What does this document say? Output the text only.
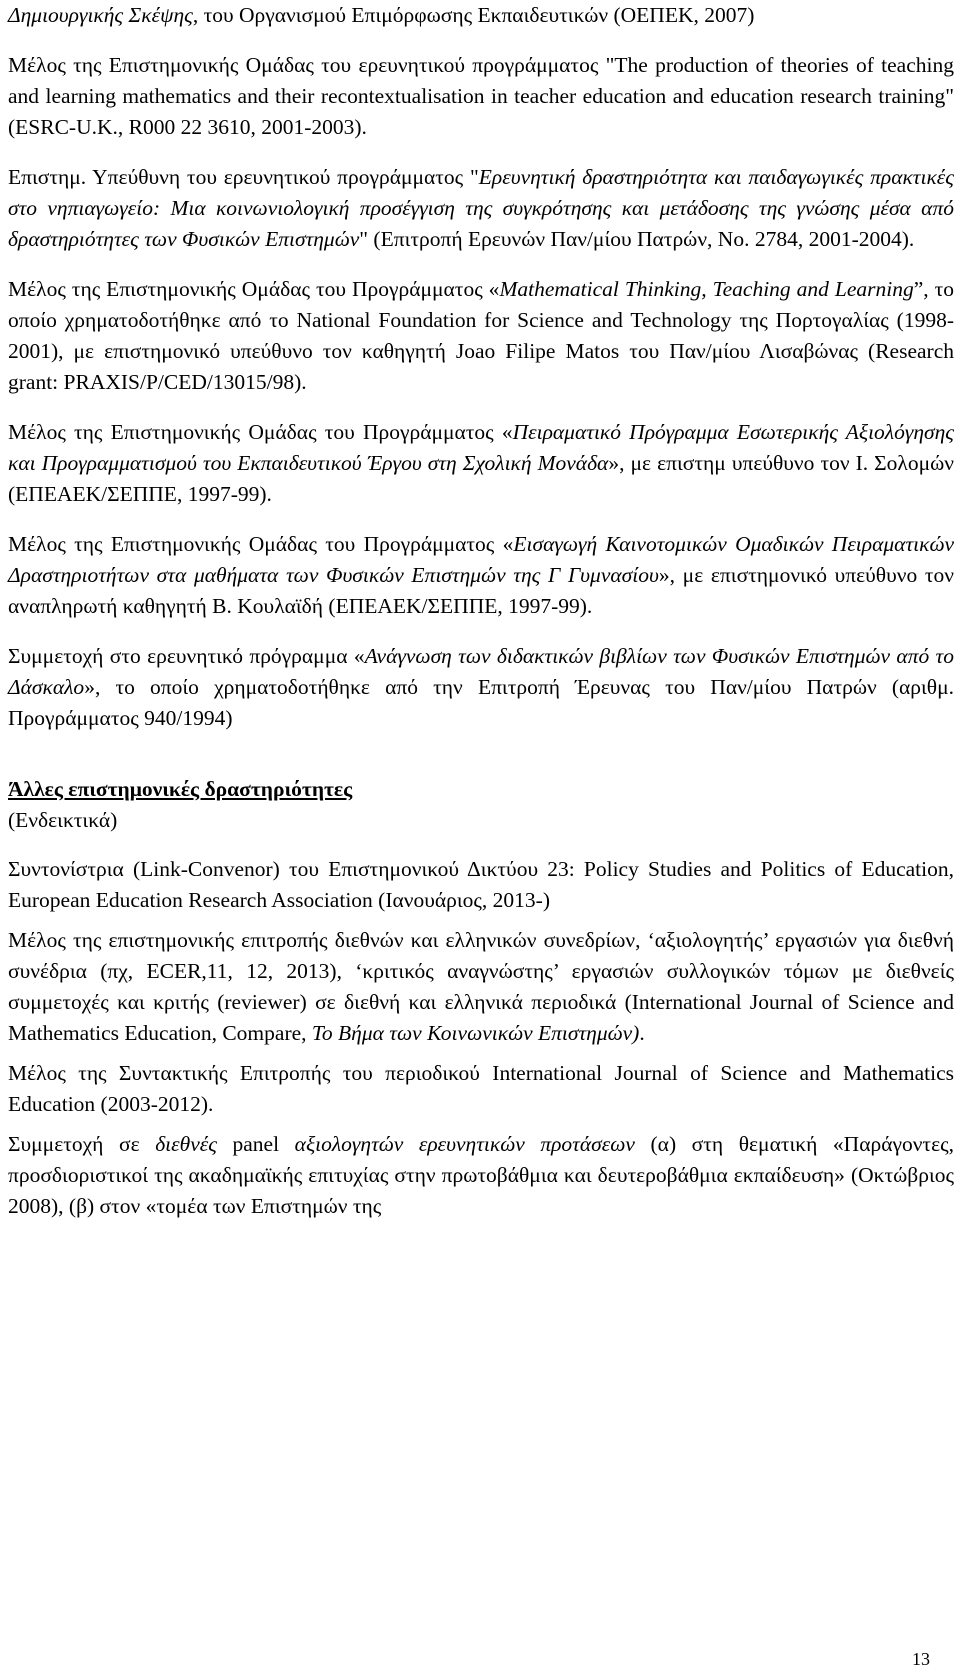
Δημιουργικής Σκέψης, του Οργανισμού Επιμόρφωσης Εκπαιδευτικών (ΟΕΠΕΚ, 2007)

Μέλος της Επιστημονικής Ομάδας του ερευνητικού προγράμματος "The production of theories of teaching and learning mathematics and their recontextualisation in teacher education and education research training" (ESRC-U.K., R000 22 3610, 2001-2003).

Επιστημ. Υπεύθυνη του ερευνητικού προγράμματος "Ερευνητική δραστηριότητα και παιδαγωγικές πρακτικές στο νηπιαγωγείο: Μια κοινωνιολογική προσέγγιση της συγκρότησης και μετάδοσης της γνώσης μέσα από δραστηριότητες των Φυσικών Επιστημών" (Επιτροπή Ερευνών Παν/μίου Πατρών, No. 2784, 2001-2004).

Μέλος της Επιστημονικής Ομάδας του Προγράμματος «Mathematical Thinking, Teaching and Learning”, το οποίο χρηματοδοτήθηκε από το National Foundation for Science and Technology της Πορτογαλίας (1998- 2001), με επιστημονικό υπεύθυνο τον καθηγητή Joao Filipe Matos του Παν/μίου Λισαβώνας (Research grant: PRAXIS/P/CED/13015/98).

Μέλος της Επιστημονικής Ομάδας του Προγράμματος «Πειραματικό Πρόγραμμα Εσωτερικής Αξιολόγησης και Προγραμματισμού του Εκπαιδευτικού Έργου στη Σχολική Μονάδα», με επιστημ υπεύθυνο τον Ι. Σολομών (ΕΠΕΑΕΚ/ΣΕΠΠΕ, 1997-99).

Μέλος της Επιστημονικής Ομάδας του Προγράμματος «Εισαγωγή Καινοτομικών Ομαδικών Πειραματικών Δραστηριοτήτων στα μαθήματα των Φυσικών Επιστημών της Γ Γυμνασίου», με επιστημονικό υπεύθυνο τον αναπληρωτή καθηγητή Β. Κουλαϊδή (ΕΠΕΑΕΚ/ΣΕΠΠΕ, 1997-99).

Συμμετοχή στο ερευνητικό πρόγραμμα «Ανάγνωση των διδακτικών βιβλίων των Φυσικών Επιστημών από το Δάσκαλο», το οποίο χρηματοδοτήθηκε από την Επιτροπή Έρευνας του Παν/μίου Πατρών (αριθμ. Προγράμματος 940/1994)

Άλλες επιστημονικές δραστηριότητες

(Ενδεικτικά)

Συντονίστρια (Link-Convenor) του Επιστημονικού Δικτύου 23: Policy Studies and Politics of Education, European Education Research Association (Ιανουάριος, 2013-)

Μέλος της επιστημονικής επιτροπής διεθνών και ελληνικών συνεδρίων, ‘αξιολογητής’ εργασιών για διεθνή συνέδρια (πχ, ECER,11, 12, 2013), ‘κριτικός αναγνώστης’ εργασιών συλλογικών τόμων με διεθνείς συμμετοχές και κριτής (reviewer) σε διεθνή και ελληνικά περιοδικά (International Journal of Science and Mathematics Education, Compare, Το Βήμα των Κοινωνικών Επιστημών).

Μέλος της Συντακτικής Επιτροπής του περιοδικού International Journal of Science and Mathematics Education (2003-2012).

Συμμετοχή σε διεθνές panel αξιολογητών ερευνητικών προτάσεων (α) στη θεματική «Παράγοντες, προσδιοριστικοί της ακαδημαϊκής επιτυχίας στην πρωτοβάθμια και δευτεροβάθμια εκπαίδευση» (Οκτώβριος 2008), (β) στον «τομέα των Επιστημών της

13
